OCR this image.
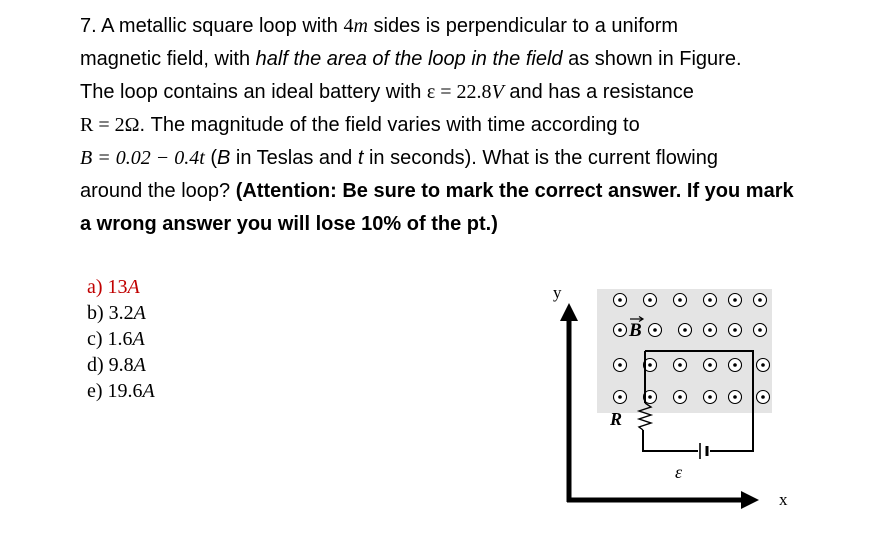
7. A metallic square loop with 4m sides is perpendicular to a uniform
magnetic field, with half the area of the loop in the field as shown in Figure.
The loop contains an ideal battery with ε = 22.8V and has a resistance
R = 2Ω. The magnitude of the field varies with time according to
B = 0.02 − 0.4t (B in Teslas and t in seconds). What is the current flowing
around the loop? (Attention: Be sure to mark the correct answer. If you mark
a wrong answer you will lose 10% of the pt.)
a) 13A
b) 3.2A
c) 1.6A
d) 9.8A
e) 19.6A
B
R
ε
y
x
